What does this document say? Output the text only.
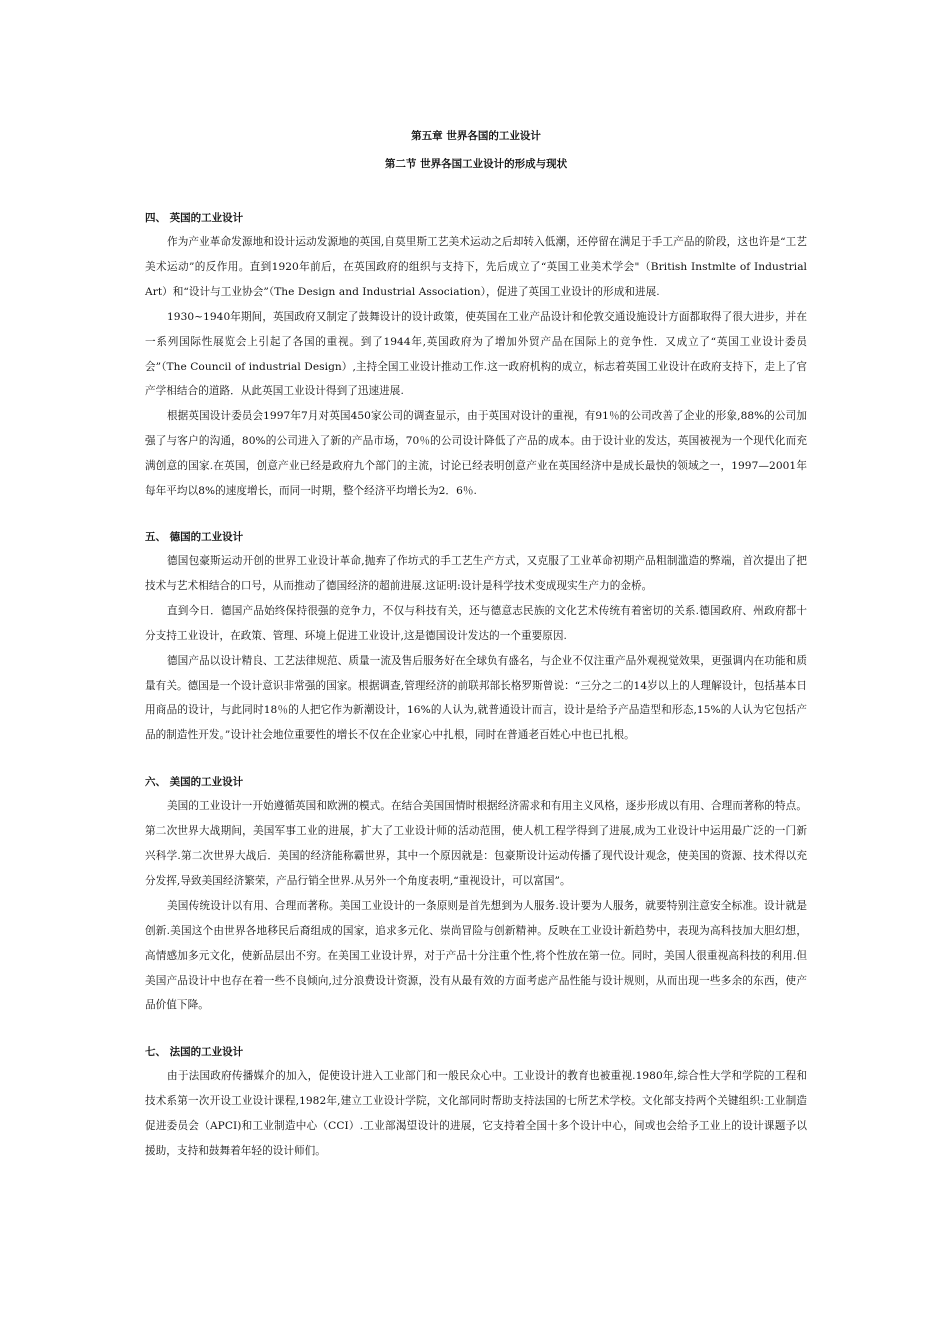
第五章 世界各国的工业设计

第二节 世界各国工业设计的形成与现状

四、 英国的工业设计

作为产业革命发源地和设计运动发源地的英国,自莫里斯工艺美术运动之后却转入低潮，还停留在满足于手工产品的阶段，这也许是“工艺美术运动”的反作用。直到1920年前后，在英国政府的组织与支持下，先后成立了“英国工业美术学会"（British Instmlte of Industrial Art）和“设计与工业协会”（The Design and Industrial Association），促进了英国工业设计的形成和进展.

1930~1940年期间，英国政府又制定了鼓舞设计的设计政策，使英国在工业产品设计和伦敦交通设施设计方面都取得了很大进步，并在一系列国际性展览会上引起了各国的重视。到了1944年,英国政府为了增加外贸产品在国际上的竞争性．又成立了“英国工业设计委员会”（The Council of industrial Design）,主持全国工业设计推动工作.这一政府机构的成立，标志着英国工业设计在政府支持下，走上了官产学相结合的道路．从此英国工业设计得到了迅速进展.

根据英国设计委员会1997年7月对英国450家公司的调查显示，由于英国对设计的重视，有91％的公司改善了企业的形象,88%的公司加强了与客户的沟通，80%的公司进入了新的产品市场，70％的公司设计降低了产品的成本。由于设计业的发达，英国被视为一个现代化而充满创意的国家.在英国，创意产业已经是政府九个部门的主流，讨论已经表明创意产业在英国经济中是成长最快的领域之一，1997—2001年每年平均以8%的速度增长，而同一时期，整个经济平均增长为2．6％.

五、 德国的工业设计

德国包豪斯运动开创的世界工业设计革命,抛弃了作坊式的手工艺生产方式，又克服了工业革命初期产品粗制滥造的弊端，首次提出了把技术与艺术相结合的口号，从而推动了德国经济的超前进展.这证明:设计是科学技术变成现实生产力的金桥。

直到今日．德国产品始终保持很强的竞争力，不仅与科技有关，还与德意志民族的文化艺术传统有着密切的关系.德国政府、州政府都十分支持工业设计，在政策、管理、环境上促进工业设计,这是德国设计发达的一个重要原因.

德国产品以设计精良、工艺法律规范、质量一流及售后服务好在全球负有盛名，与企业不仅注重产品外观视觉效果，更强调内在功能和质量有关。德国是一个设计意识非常强的国家。根据调查,管理经济的前联邦部长格罗斯曾说：“三分之二的14岁以上的人理解设计，包括基本日用商品的设计，与此同时18％的人把它作为新潮设计，16%的人认为,就普通设计而言，设计是给予产品造型和形态,15%的人认为它包括产品的制造性开发。”设计社会地位重要性的增长不仅在企业家心中扎根，同时在普通老百姓心中也已扎根。

六、 美国的工业设计

美国的工业设计一开始遵循英国和欧洲的模式。在结合美国国情时根据经济需求和有用主义风格，逐步形成以有用、合理而著称的特点。第二次世界大战期间，美国军事工业的进展，扩大了工业设计师的活动范围，使人机工程学得到了进展,成为工业设计中运用最广泛的一门新兴科学.第二次世界大战后．美国的经济能称霸世界，其中一个原因就是：包豪斯设计运动传播了现代设计观念，使美国的资源、技术得以充分发挥,导致美国经济繁荣，产品行销全世界.从另外一个角度表明,“重视设计，可以富国”。

美国传统设计以有用、合理而著称。美国工业设计的一条原则是首先想到为人服务.设计要为人服务，就要特别注意安全标准。设计就是创新.美国这个由世界各地移民后裔组成的国家，追求多元化、崇尚冒险与创新精神。反映在工业设计新趋势中，表现为高科技加大胆幻想，高情感加多元文化，使新品层出不穷。在美国工业设计界，对于产品十分注重个性,将个性放在第一位。同时，美国人很重视高科技的利用.但美国产品设计中也存在着一些不良倾向,过分浪费设计资源，没有从最有效的方面考虑产品性能与设计规则，从而出现一些多余的东西，使产品价值下降。

七、 法国的工业设计

由于法国政府传播媒介的加入，促使设计进入工业部门和一般民众心中。工业设计的教育也被重视.1980年,综合性大学和学院的工程和技术系第一次开设工业设计课程,1982年,建立工业设计学院，文化部同时帮助支持法国的七所艺术学校。文化部支持两个关键组织:工业制造促进委员会（APCI)和工业制造中心（CCI）.工业部渴望设计的进展，它支持着全国十多个设计中心，间或也会给予工业上的设计课题予以援助，支持和鼓舞着年轻的设计师们。
